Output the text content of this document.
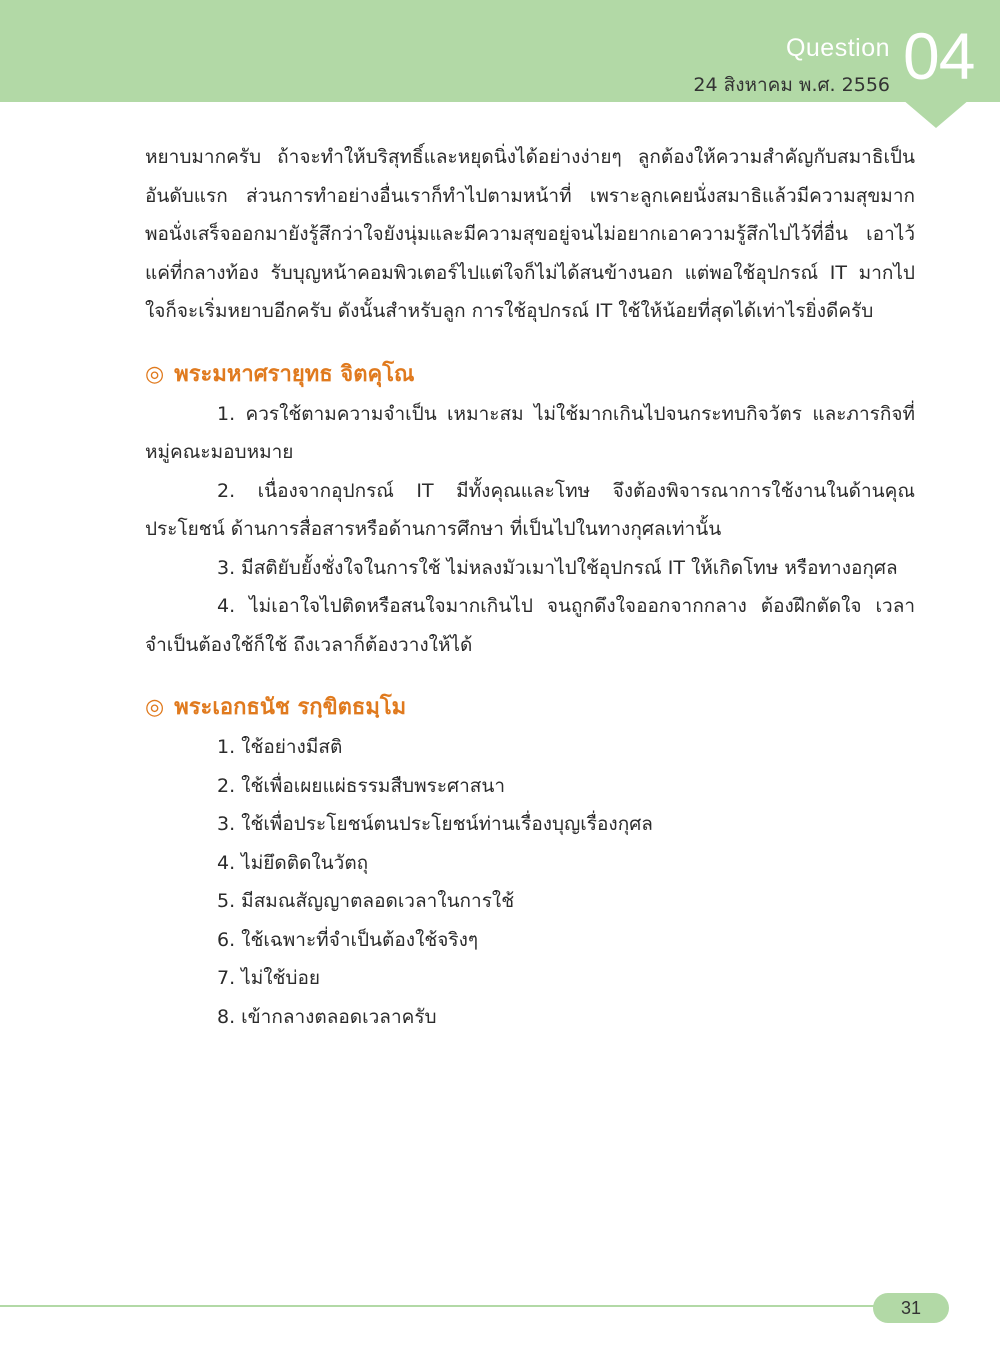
Question
24 สิงหาคม พ.ศ. 2556 04

หยาบมากครับ ถ้าจะทำให้บริสุทธิ์และหยุดนิ่งได้อย่างง่ายๆ ลูกต้องให้ความสำคัญกับสมาธิเป็นอันดับแรก ส่วนการทำอย่างอื่นเราก็ทำไปตามหน้าที่ เพราะลูกเคยนั่งสมาธิแล้วมีความสุขมาก พอนั่งเสร็จออกมายังรู้สึกว่าใจยังนุ่มและมีความสุขอยู่จนไม่อยากเอาความรู้สึกไปไว้ที่อื่น เอาไว้แค่ที่กลางท้อง รับบุญหน้าคอมพิวเตอร์ไปแต่ใจก็ไม่ได้สนข้างนอก แต่พอใช้อุปกรณ์ IT มากไป ใจก็จะเริ่มหยาบอีกครับ ดังนั้นสำหรับลูก การใช้อุปกรณ์ IT ใช้ให้น้อยที่สุดได้เท่าไรยิ่งดีครับ

◎ พระมหาศรายุทธ จิตคุโณ

1. ควรใช้ตามความจำเป็น เหมาะสม ไม่ใช้มากเกินไปจนกระทบกิจวัตร และภารกิจที่หมู่คณะมอบหมาย

2. เนื่องจากอุปกรณ์ IT มีทั้งคุณและโทษ จึงต้องพิจารณาการใช้งานในด้านคุณประโยชน์ ด้านการสื่อสารหรือด้านการศึกษา ที่เป็นไปในทางกุศลเท่านั้น

3. มีสติยับยั้งชั่งใจในการใช้ ไม่หลงมัวเมาไปใช้อุปกรณ์ IT ให้เกิดโทษ หรือทางอกุศล

4. ไม่เอาใจไปติดหรือสนใจมากเกินไป จนถูกดึงใจออกจากกลาง ต้องฝึกตัดใจ เวลาจำเป็นต้องใช้ก็ใช้ ถึงเวลาก็ต้องวางให้ได้

◎ พระเอกธนัช รกฺขิตธมฺโม
1. ใช้อย่างมีสติ
2. ใช้เพื่อเผยแผ่ธรรมสืบพระศาสนา
3. ใช้เพื่อประโยชน์ตนประโยชน์ท่านเรื่องบุญเรื่องกุศล
4. ไม่ยึดติดในวัตถุ
5. มีสมณสัญญาตลอดเวลาในการใช้
6. ใช้เฉพาะที่จำเป็นต้องใช้จริงๆ
7. ไม่ใช้บ่อย
8. เข้ากลางตลอดเวลาครับ
31
